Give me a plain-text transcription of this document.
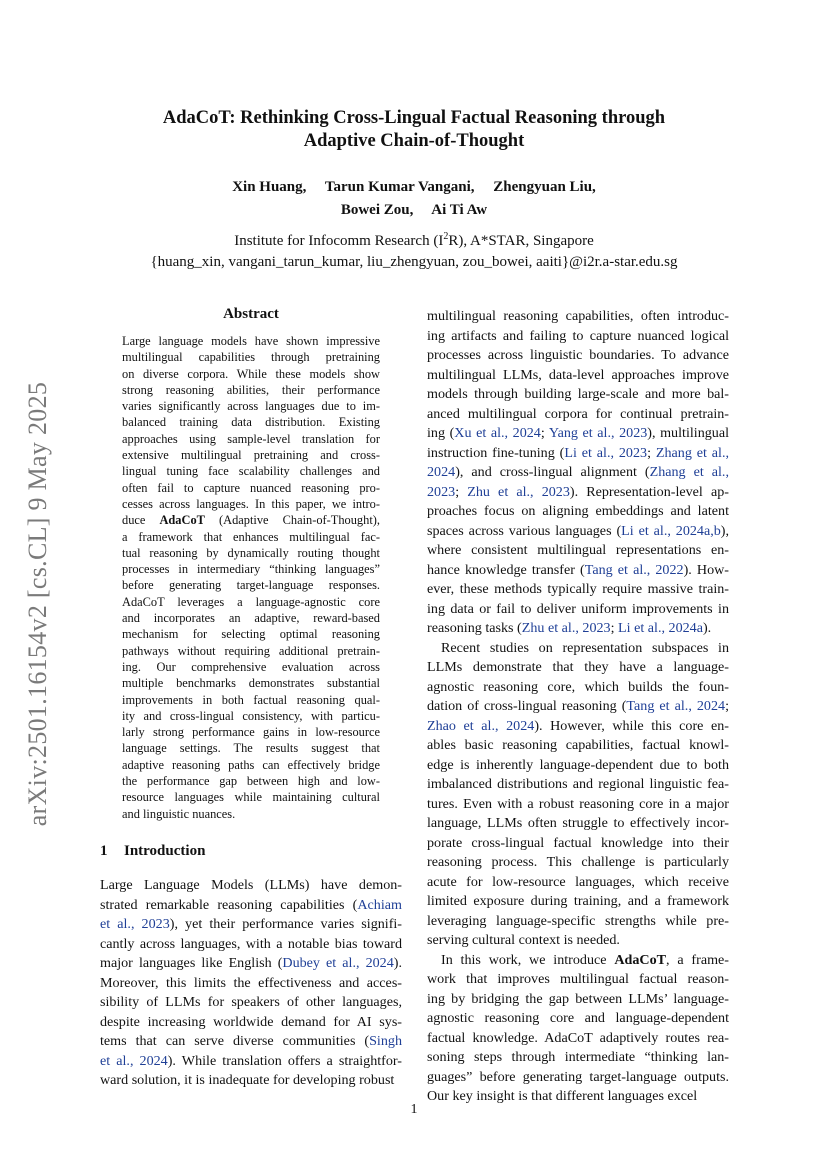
AdaCoT: Rethinking Cross-Lingual Factual Reasoning through
Adaptive Chain-of-Thought
Xin Huang,  Tarun Kumar Vangani,  Zhengyuan Liu,
Bowei Zou,  Ai Ti Aw
Institute for Infocomm Research $(I^2R)$, A*STAR, Singapore
{huang_xin, vangani_tarun_kumar, liu_zhengyuan, zou_bowei, aaiti}@i2r.a-star.edu.sg
arXiv:2501.16154v2 [cs.CL] 9 May 2025
Abstract
Large language models have shown impressive
multilingual capabilities through pretraining
on diverse corpora. While these models show
strong reasoning abilities, their performance
varies significantly across languages due to im-
balanced training data distribution. Existing
approaches using sample-level translation for
extensive multilingual pretraining and cross-
lingual tuning face scalability challenges and
often fail to capture nuanced reasoning pro-
cesses across languages. In this paper, we intro-
duce AdaCoT (Adaptive Chain-of-Thought),
a framework that enhances multilingual fac-
tual reasoning by dynamically routing thought
processes in intermediary “thinking languages”
before generating target-language responses.
AdaCoT leverages a language-agnostic core
and incorporates an adaptive, reward-based
mechanism for selecting optimal reasoning
pathways without requiring additional pretrain-
ing. Our comprehensive evaluation across
multiple benchmarks demonstrates substantial
improvements in both factual reasoning qual-
ity and cross-lingual consistency, with particu-
larly strong performance gains in low-resource
language settings. The results suggest that
adaptive reasoning paths can effectively bridge
the performance gap between high and low-
resource languages while maintaining cultural
and linguistic nuances.
1 Introduction
Large Language Models (LLMs) have demon-
strated remarkable reasoning capabilities (Achiam
et al., 2023), yet their performance varies signifi-
cantly across languages, with a notable bias toward
major languages like English (Dubey et al., 2024).
Moreover, this limits the effectiveness and acces-
sibility of LLMs for speakers of other languages,
despite increasing worldwide demand for AI sys-
tems that can serve diverse communities (Singh
et al., 2024). While translation offers a straightfor-
ward solution, it is inadequate for developing robust
multilingual reasoning capabilities, often introduc-
ing artifacts and failing to capture nuanced logical
processes across linguistic boundaries. To advance
multilingual LLMs, data-level approaches improve
models through building large-scale and more bal-
anced multilingual corpora for continual pretrain-
ing (Xu et al., 2024; Yang et al., 2023), multilingual
instruction fine-tuning (Li et al., 2023; Zhang et al.,
2024), and cross-lingual alignment (Zhang et al.,
2023; Zhu et al., 2023). Representation-level ap-
proaches focus on aligning embeddings and latent
spaces across various languages (Li et al., 2024a,b),
where consistent multilingual representations en-
hance knowledge transfer (Tang et al., 2022). How-
ever, these methods typically require massive train-
ing data or fail to deliver uniform improvements in
reasoning tasks (Zhu et al., 2023; Li et al., 2024a).
Recent studies on representation subspaces in
LLMs demonstrate that they have a language-
agnostic reasoning core, which builds the foun-
dation of cross-lingual reasoning (Tang et al., 2024;
Zhao et al., 2024). However, while this core en-
ables basic reasoning capabilities, factual knowl-
edge is inherently language-dependent due to both
imbalanced distributions and regional linguistic fea-
tures. Even with a robust reasoning core in a major
language, LLMs often struggle to effectively incor-
porate cross-lingual factual knowledge into their
reasoning process. This challenge is particularly
acute for low-resource languages, which receive
limited exposure during training, and a framework
leveraging language-specific strengths while pre-
serving cultural context is needed.
In this work, we introduce AdaCoT, a frame-
work that improves multilingual factual reason-
ing by bridging the gap between LLMs’ language-
agnostic reasoning core and language-dependent
factual knowledge. AdaCoT adaptively routes rea-
soning steps through intermediate “thinking lan-
guages” before generating target-language outputs.
Our key insight is that different languages excel
1
